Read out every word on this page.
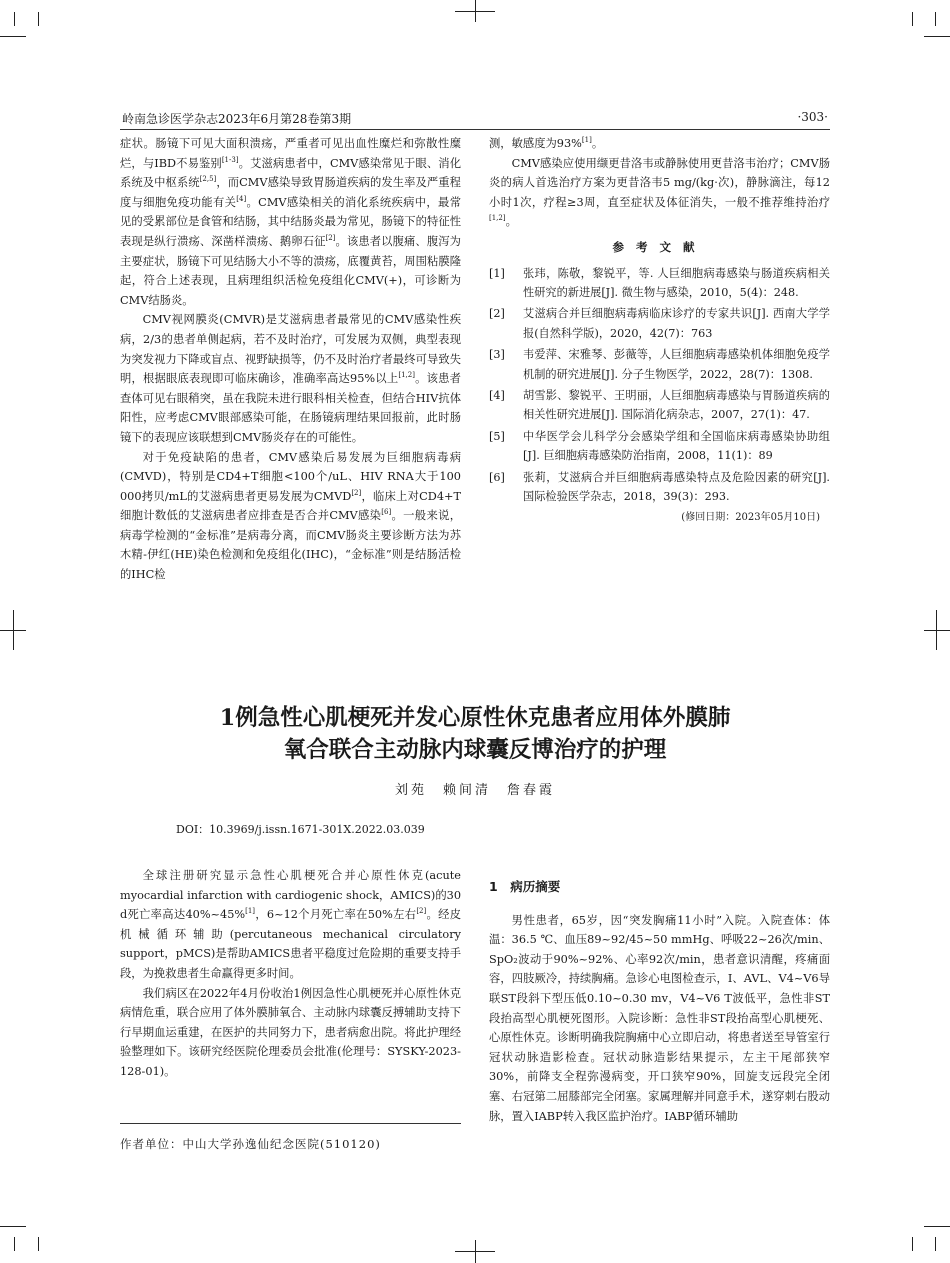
岭南急诊医学杂志2023年6月第28卷第3期	·303·

症状。肠镜下可见大面积溃疡，严重者可见出血性糜烂和弥散性糜烂，与IBD不易鉴别[1-3]。艾滋病患者中，CMV感染常见于眼、消化系统及中枢系统[2,5]，而CMV感染导致胃肠道疾病的发生率及严重程度与细胞免疫功能有关[4]。CMV感染相关的消化系统疾病中，最常见的受累部位是食管和结肠，其中结肠炎最为常见，肠镜下的特征性表现是纵行溃疡、深凿样溃疡、鹅卵石征[2]。该患者以腹痛、腹泻为主要症状，肠镜下可见结肠大小不等的溃疡，底覆黄苔，周围粘膜隆起，符合上述表现，且病理组织活检免疫组化CMV(+)，可诊断为CMV结肠炎。

CMV视网膜炎(CMVR)是艾滋病患者最常见的CMV感染性疾病，2/3的患者单侧起病，若不及时治疗，可发展为双侧，典型表现为突发视力下降或盲点、视野缺损等，仍不及时治疗者最终可导致失明，根据眼底表现即可临床确诊，准确率高达95%以上[1,2]。该患者查体可见右眼稍突，虽在我院未进行眼科相关检查，但结合HIV抗体阳性，应考虑CMV眼部感染可能，在肠镜病理结果回报前，此时肠镜下的表现应该联想到CMV肠炎存在的可能性。

对于免疫缺陷的患者，CMV感染后易发展为巨细胞病毒病(CMVD)，特别是CD4+T细胞<100个/uL、HIV RNA大于100 000拷贝/mL的艾滋病患者更易发展为CMVD[2]，临床上对CD4+T细胞计数低的艾滋病患者应排查是否合并CMV感染[6]。一般来说，病毒学检测的“金标准”是病毒分离，而CMV肠炎主要诊断方法为苏木精-伊红(HE)染色检测和免疫组化(IHC)，“金标准”则是结肠活检的IHC检

测，敏感度为93%[1]。

CMV感染应使用缬更昔洛韦或静脉使用更昔洛韦治疗；CMV肠炎的病人首选治疗方案为更昔洛韦5 mg/(kg·次)，静脉滴注，每12小时1次，疗程≥3周，直至症状及体征消失，一般不推荐维持治疗[1,2]。

参考文献
[1]	张玮，陈敬，黎锐平，等. 人巨细胞病毒感染与肠道疾病相关性研究的新进展[J]. 微生物与感染，2010，5(4)：248.
[2]	艾滋病合并巨细胞病毒病临床诊疗的专家共识[J]. 西南大学学报(自然科学版)，2020，42(7)：763
[3]	韦爱萍、宋雅琴、彭薇等，人巨细胞病毒感染机体细胞免疫学机制的研究进展[J]. 分子生物医学，2022，28(7)：1308.
[4]	胡雪影、黎锐平、王明丽，人巨细胞病毒感染与胃肠道疾病的相关性研究进展[J]. 国际消化病杂志，2007，27(1)：47.
[5]	中华医学会儿科学分会感染学组和全国临床病毒感染协助组[J]. 巨细胞病毒感染防治指南，2008，11(1)：89
[6]	张莉，艾滋病合并巨细胞病毒感染特点及危险因素的研究[J]. 国际检验医学杂志，2018，39(3)：293.
(修回日期：2023年05月10日)
1例急性心肌梗死并发心原性休克患者应用体外膜肺
氧合联合主动脉内球囊反博治疗的护理
刘苑　赖间清　詹春霞
DOI：10.3969/j.issn.1671-301X.2022.03.039

全球注册研究显示急性心肌梗死合并心原性休克(acute myocardial infarction with cardiogenic shock，AMICS)的30 d死亡率高达40%~45%[1]，6~12个月死亡率在50%左右[2]。经皮机械循环辅助(percutaneous mechanical circulatory support，pMCS)是帮助AMICS患者平稳度过危险期的重要支持手段，为挽救患者生命赢得更多时间。

我们病区在2022年4月份收治1例因急性心肌梗死并心原性休克病情危重，联合应用了体外膜肺氧合、主动脉内球囊反搏辅助支持下行早期血运重建，在医护的共同努力下，患者病愈出院。将此护理经验整理如下。该研究经医院伦理委员会批准(伦理号：SYSKY-2023-128-01)。

作者单位：中山大学孙逸仙纪念医院(510120)
1　病历摘要

男性患者，65岁，因“突发胸痛11小时”入院。入院查体：体温：36.5 ℃、血压89~92/45~50 mmHg、呼吸22~26次/min、SpO₂波动于90%~92%、心率92次/min，患者意识清醒，疼痛面容，四肢厥冷，持续胸痛。急诊心电图检查示，Ⅰ、AVL、V4~V6导联ST段斜下型压低0.10~0.30 mv，V4~V6 T波低平，急性非ST段抬高型心肌梗死图形。入院诊断：急性非ST段抬高型心肌梗死、心原性休克。诊断明确我院胸痛中心立即启动，将患者送至导管室行冠状动脉造影检查。冠状动脉造影结果提示，左主干尾部狭窄30%，前降支全程弥漫病变，开口狭窄90%，回旋支远段完全闭塞、右冠第二屈膝部完全闭塞。家属理解并同意手术，遂穿刺右股动脉，置入IABP转入我区监护治疗。IABP循环辅助
